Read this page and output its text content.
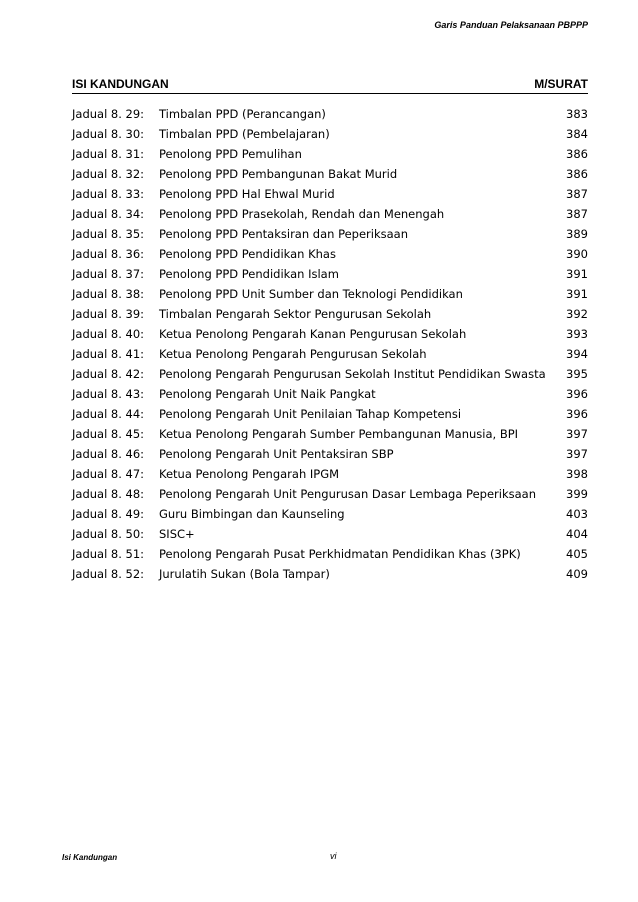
Garis Panduan Pelaksanaan PBPPP
ISI KANDUNGAN	M/SURAT
Jadual 8. 29: Timbalan PPD (Perancangan)	383
Jadual 8. 30: Timbalan PPD (Pembelajaran)	384
Jadual 8. 31: Penolong PPD Pemulihan	386
Jadual 8. 32: Penolong PPD Pembangunan Bakat Murid	386
Jadual 8. 33: Penolong PPD Hal Ehwal Murid	387
Jadual 8. 34: Penolong PPD Prasekolah, Rendah dan Menengah	387
Jadual 8. 35: Penolong PPD Pentaksiran dan Peperiksaan	389
Jadual 8. 36: Penolong PPD Pendidikan Khas	390
Jadual 8. 37: Penolong PPD Pendidikan Islam	391
Jadual 8. 38: Penolong PPD Unit Sumber dan Teknologi Pendidikan	391
Jadual 8. 39: Timbalan Pengarah Sektor Pengurusan Sekolah	392
Jadual 8. 40: Ketua Penolong Pengarah Kanan Pengurusan Sekolah	393
Jadual 8. 41: Ketua Penolong Pengarah Pengurusan Sekolah	394
Jadual 8. 42: Penolong Pengarah Pengurusan Sekolah Institut Pendidikan Swasta 395
Jadual 8. 43: Penolong Pengarah Unit Naik Pangkat	396
Jadual 8. 44: Penolong Pengarah Unit Penilaian Tahap Kompetensi	396
Jadual 8. 45: Ketua Penolong Pengarah Sumber Pembangunan Manusia, BPI	397
Jadual 8. 46: Penolong Pengarah Unit Pentaksiran SBP	397
Jadual 8. 47: Ketua Penolong Pengarah IPGM	398
Jadual 8. 48: Penolong Pengarah Unit Pengurusan Dasar Lembaga Peperiksaan	399
Jadual 8. 49: Guru Bimbingan dan Kaunseling	403
Jadual 8. 50: SISC+	404
Jadual 8. 51: Penolong Pengarah Pusat Perkhidmatan Pendidikan Khas (3PK)	405
Jadual 8. 52: Jurulatih Sukan (Bola Tampar)	409
Isi Kandungan	vi
